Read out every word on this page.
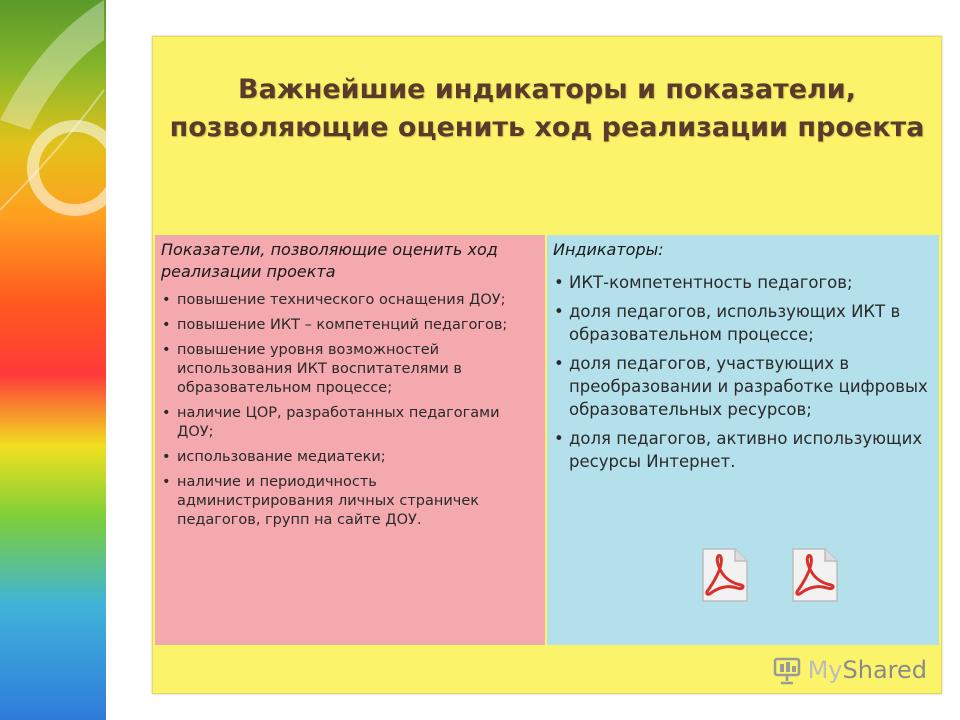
Важнейшие индикаторы и показатели, позволяющие оценить ход реализации проекта
Показатели, позволяющие оценить ход реализации проекта
• повышение технического оснащения ДОУ;
• повышение ИКТ – компетенций педагогов;
• повышение уровня возможностей использования ИКТ воспитателями в образовательном процессе;
• наличие ЦОР, разработанных педагогами ДОУ;
• использование медиатеки;
• наличие и периодичность администрирования личных страничек педагогов, групп на сайте ДОУ.
Индикаторы:
• ИКТ-компетентность педагогов;
• доля педагогов, использующих ИКТ в образовательном процессе;
• доля педагогов, участвующих в преобразовании и разработке цифровых образовательных ресурсов;
• доля педагогов, активно использующих ресурсы Интернет.
MyShared
